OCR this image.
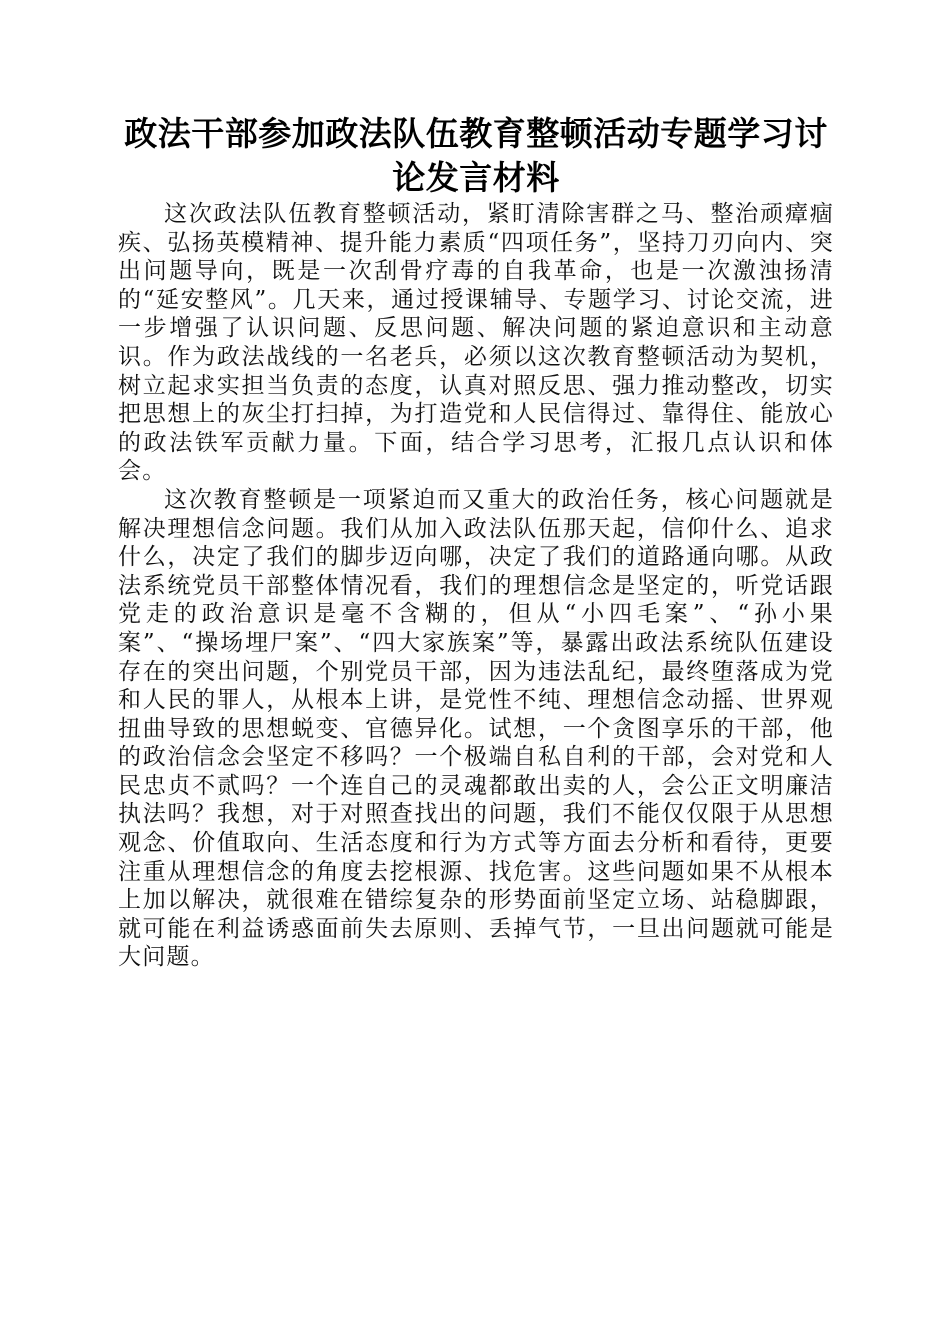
政法干部参加政法队伍教育整顿活动专题学习讨论发言材料

这次政法队伍教育整顿活动，紧盯清除害群之马、整治顽瘴痼疾、弘扬英模精神、提升能力素质“四项任务”，坚持刀刃向内、突出问题导向，既是一次刮骨疗毒的自我革命，也是一次激浊扬清的“延安整风”。几天来，通过授课辅导、专题学习、讨论交流，进一步增强了认识问题、反思问题、解决问题的紧迫意识和主动意识。作为政法战线的一名老兵，必须以这次教育整顿活动为契机，树立起求实担当负责的态度，认真对照反思、强力推动整改，切实把思想上的灰尘打扫掉，为打造党和人民信得过、靠得住、能放心的政法铁军贡献力量。下面，结合学习思考，汇报几点认识和体会。

这次教育整顿是一项紧迫而又重大的政治任务，核心问题就是解决理想信念问题。我们从加入政法队伍那天起，信仰什么、追求什么，决定了我们的脚步迈向哪，决定了我们的道路通向哪。从政法系统党员干部整体情况看，我们的理想信念是坚定的，听党话跟党走的政治意识是毫不含糊的，但从“小四毛案”、“孙小果案”、“操场埋尸案”、“四大家族案”等，暴露出政法系统队伍建设存在的突出问题，个别党员干部，因为违法乱纪，最终堕落成为党和人民的罪人，从根本上讲，是党性不纯、理想信念动摇、世界观扭曲导致的思想蜕变、官德异化。试想，一个贪图享乐的干部，他的政治信念会坚定不移吗？一个极端自私自利的干部，会对党和人民忠贞不贰吗？一个连自己的灵魂都敢出卖的人，会公正文明廉洁执法吗？我想，对于对照查找出的问题，我们不能仅仅限于从思想观念、价值取向、生活态度和行为方式等方面去分析和看待，更要注重从理想信念的角度去挖根源、找危害。这些问题如果不从根本上加以解决，就很难在错综复杂的形势面前坚定立场、站稳脚跟，就可能在利益诱惑面前失去原则、丢掉气节，一旦出问题就可能是大问题。
